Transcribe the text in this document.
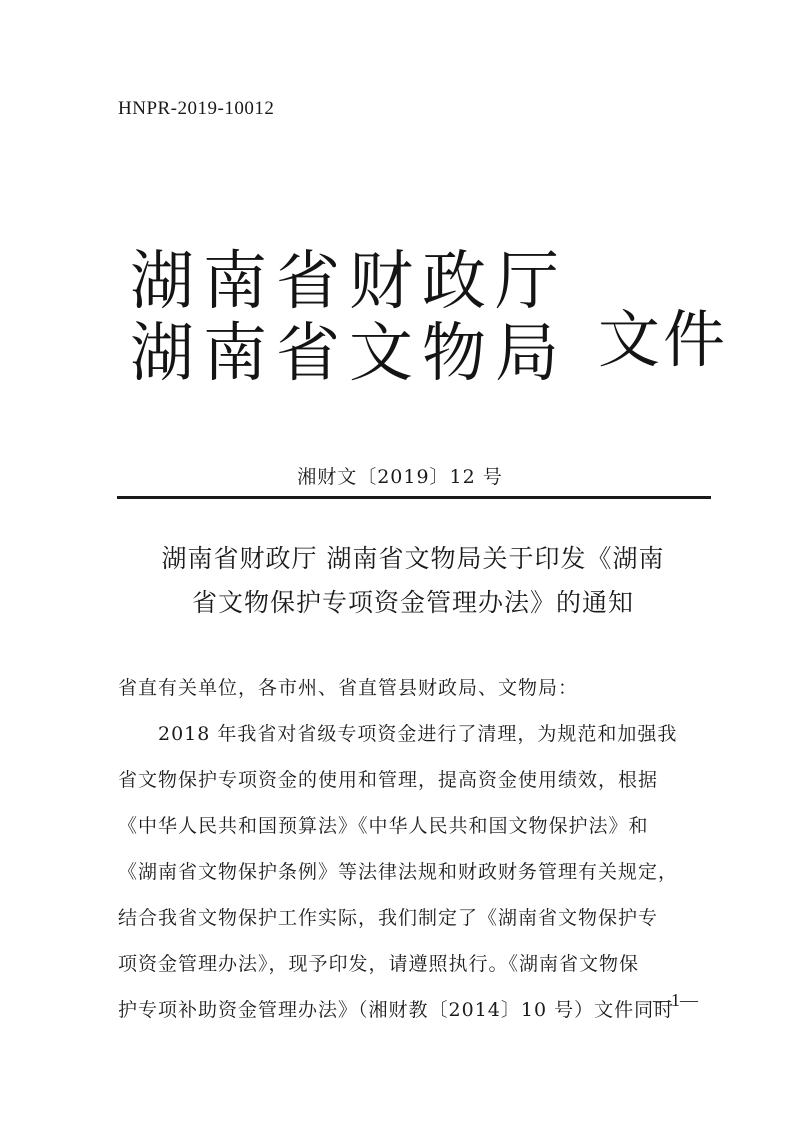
HNPR-2019-10012
湖南省财政厅
湖南省文物局 文件
湘财文〔2019〕12 号
湖南省财政厅 湖南省文物局关于印发《湖南
省文物保护专项资金管理办法》的通知

省直有关单位，各市州、省直管县财政局、文物局：

　　2018 年我省对省级专项资金进行了清理，为规范和加强我
省文物保护专项资金的使用和管理，提高资金使用绩效，根据
《中华人民共和国预算法》《中华人民共和国文物保护法》和
《湖南省文物保护条例》等法律法规和财政财务管理有关规定，
结合我省文物保护工作实际，我们制定了《湖南省文物保护专
项资金管理办法》，现予印发，请遵照执行。《湖南省文物保
护专项补助资金管理办法》（湘财教〔2014〕10 号）文件同时

—1—
